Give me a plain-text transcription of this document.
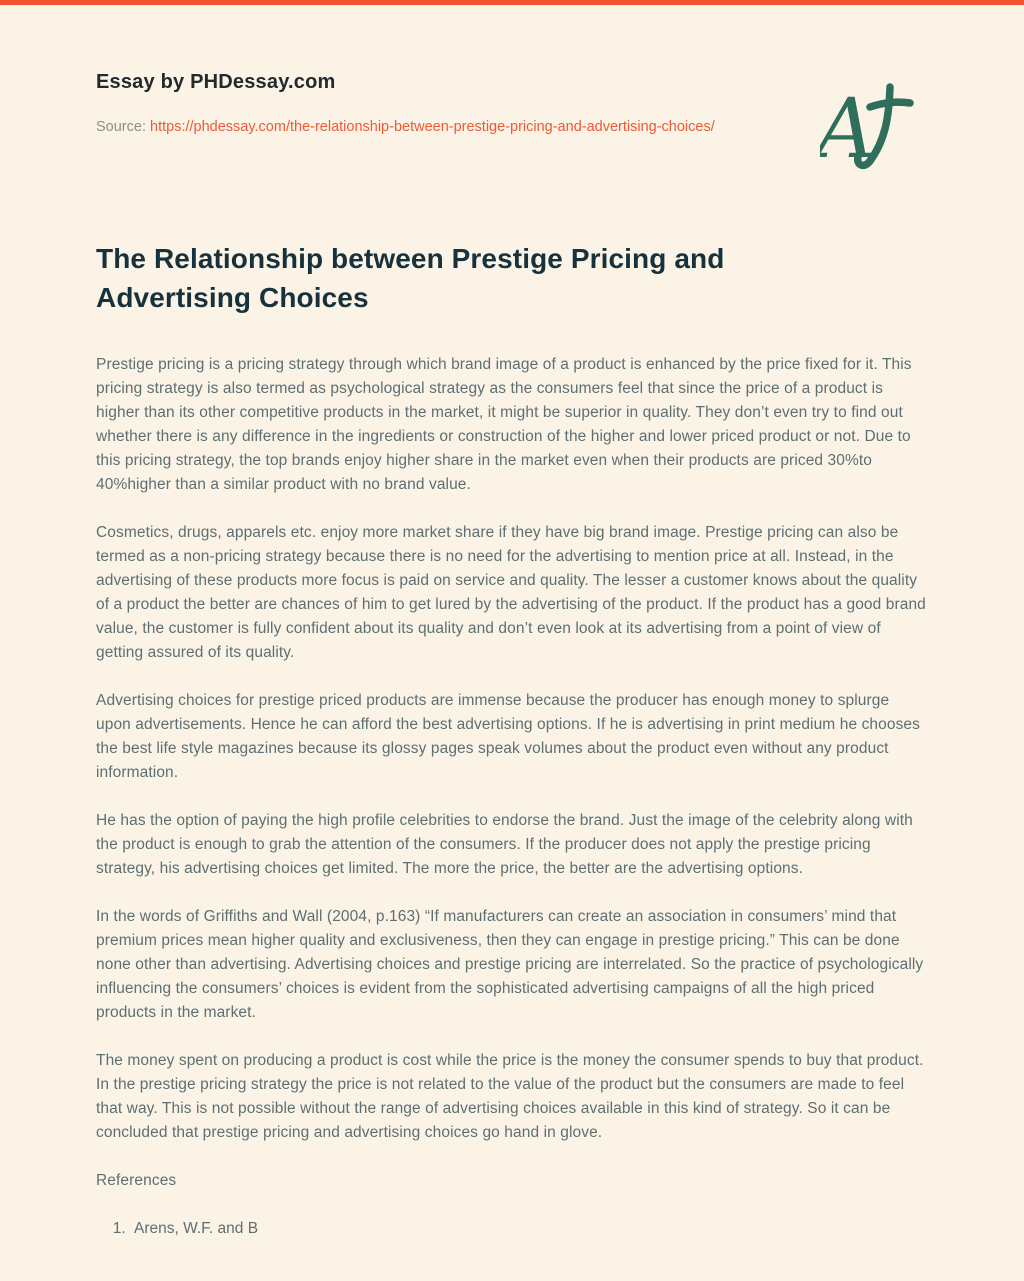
Essay by PHDessay.com
Source: https://phdessay.com/the-relationship-between-prestige-pricing-and-advertising-choices/	A
The Relationship between Prestige Pricing and Advertising Choices

Prestige pricing is a pricing strategy through which brand image of a product is enhanced by the price fixed for it. This pricing strategy is also termed as psychological strategy as the consumers feel that since the price of a product is higher than its other competitive products in the market, it might be superior in quality. They don’t even try to find out whether there is any difference in the ingredients or construction of the higher and lower priced product or not. Due to this pricing strategy, the top brands enjoy higher share in the market even when their products are priced 30%to 40%higher than a similar product with no brand value.

Cosmetics, drugs, apparels etc. enjoy more market share if they have big brand image. Prestige pricing can also be termed as a non-pricing strategy because there is no need for the advertising to mention price at all. Instead, in the advertising of these products more focus is paid on service and quality. The lesser a customer knows about the quality of a product the better are chances of him to get lured by the advertising of the product. If the product has a good brand value, the customer is fully confident about its quality and don’t even look at its advertising from a point of view of getting assured of its quality.

Advertising choices for prestige priced products are immense because the producer has enough money to splurge upon advertisements. Hence he can afford the best advertising options. If he is advertising in print medium he chooses the best life style magazines because its glossy pages speak volumes about the product even without any product information.

He has the option of paying the high profile celebrities to endorse the brand. Just the image of the celebrity along with the product is enough to grab the attention of the consumers. If the producer does not apply the prestige pricing strategy, his advertising choices get limited. The more the price, the better are the advertising options.

In the words of Griffiths and Wall (2004, p.163) “If manufacturers can create an association in consumers’ mind that premium prices mean higher quality and exclusiveness, then they can engage in prestige pricing.” This can be done none other than advertising. Advertising choices and prestige pricing are interrelated. So the practice of psychologically influencing the consumers’ choices is evident from the sophisticated advertising campaigns of all the high priced products in the market.

The money spent on producing a product is cost while the price is the money the consumer spends to buy that product. In the prestige pricing strategy the price is not related to the value of the product but the consumers are made to feel that way. This is not possible without the range of advertising choices available in this kind of strategy. So it can be concluded that prestige pricing and advertising choices go hand in glove.

References

1. Arens, W.F. and B
